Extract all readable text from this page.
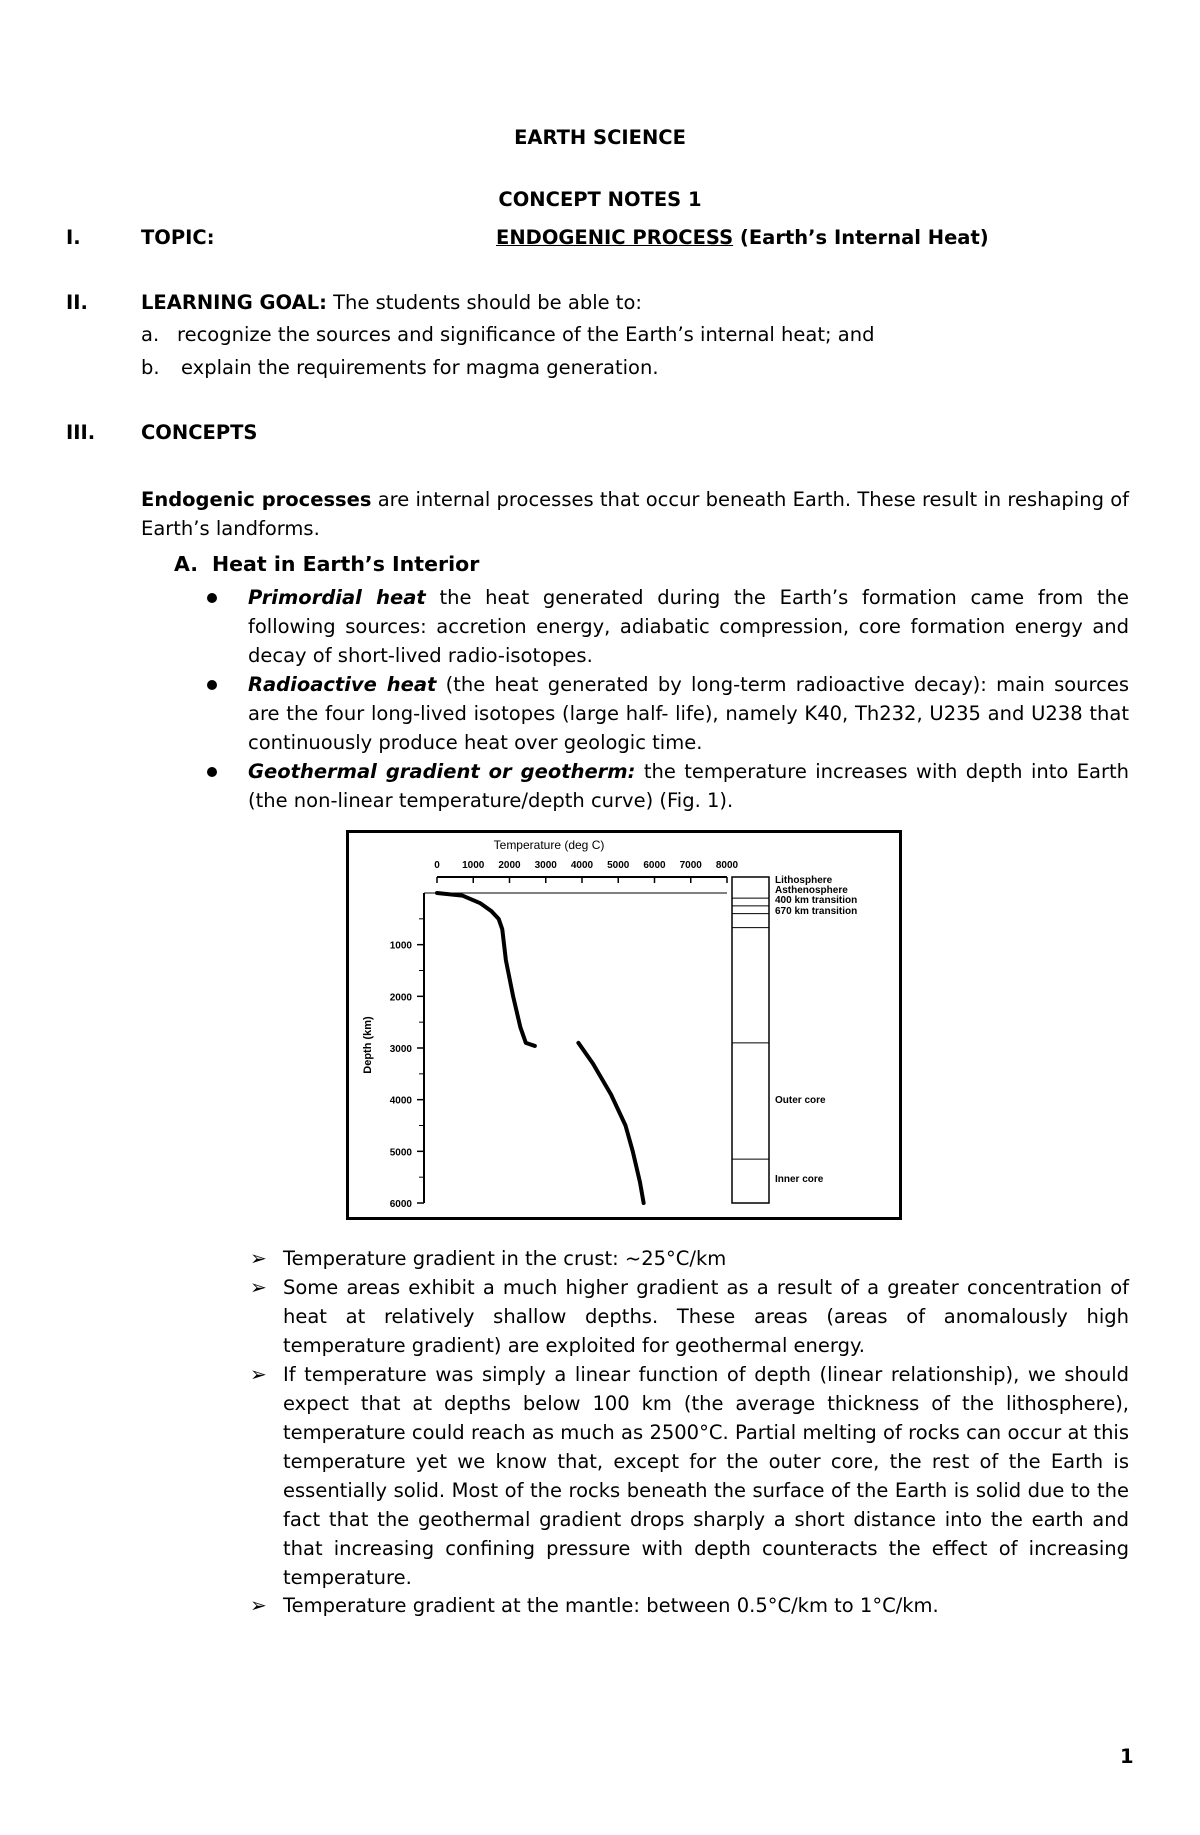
EARTH SCIENCE
CONCEPT NOTES 1
I.	TOPIC:	ENDOGENIC PROCESS (Earth’s Internal Heat)
II.	LEARNING GOAL: The students should be able to:
a. recognize the sources and significance of the Earth’s internal heat; and
b. explain the requirements for magma generation.
III. CONCEPTS
Endogenic processes are internal processes that occur beneath Earth. These result in reshaping of Earth’s landforms.
A. Heat in Earth’s Interior
Primordial heat the heat generated during the Earth’s formation came from the following sources: accretion energy, adiabatic compression, core formation energy and decay of short-lived radio-isotopes.
Radioactive heat (the heat generated by long-term radioactive decay): main sources are the four long-lived isotopes (large half- life), namely K40, Th232, U235 and U238 that continuously produce heat over geologic time.
Geothermal gradient or geotherm: the temperature increases with depth into Earth (the non-linear temperature/depth curve) (Fig. 1).
0 1000 2000 3000 4000 5000 6000 7000 8000
1000
2000
3000
4000
5000
6000
Lithosphere
Asthenosphere
400 km transition
670 km transition
Outer core
Inner core
Temperature (deg C)
Depth (km)
➢ Temperature gradient in the crust: ~25°C/km
➢ Some areas exhibit a much higher gradient as a result of a greater concentration of heat at relatively shallow depths. These areas (areas of anomalously high temperature gradient) are exploited for geothermal energy.
➢ If temperature was simply a linear function of depth (linear relationship), we should expect that at depths below 100 km (the average thickness of the lithosphere), temperature could reach as much as 2500°C. Partial melting of rocks can occur at this temperature yet we know that, except for the outer core, the rest of the Earth is essentially solid. Most of the rocks beneath the surface of the Earth is solid due to the fact that the geothermal gradient drops sharply a short distance into the earth and that increasing confining pressure with depth counteracts the effect of increasing temperature.
➢ Temperature gradient at the mantle: between 0.5°C/km to 1°C/km.
1
